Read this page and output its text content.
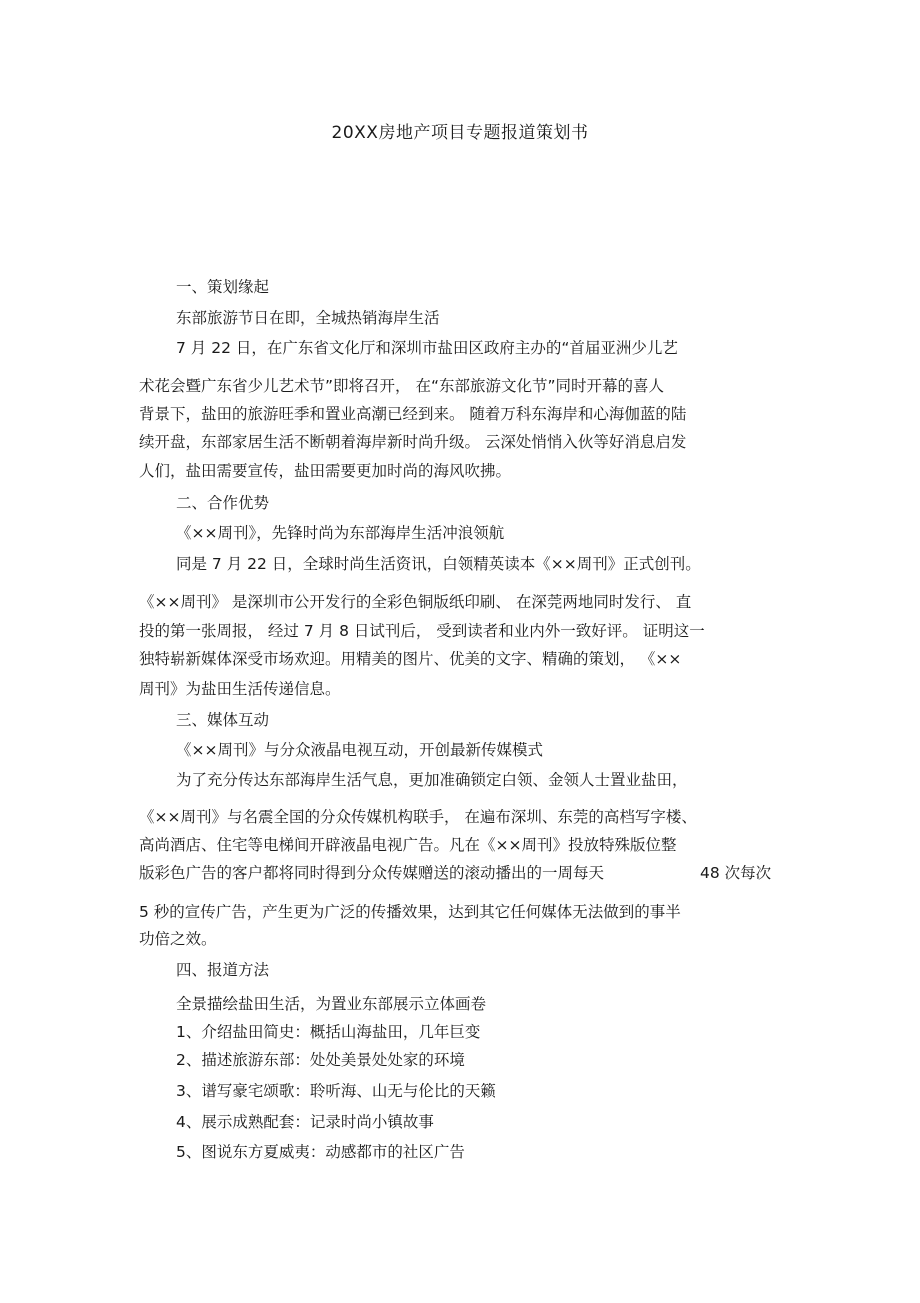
20XX房地产项目专题报道策划书
一、策划缘起
东部旅游节日在即，全城热销海岸生活
7 月 22 日，在广东省文化厅和深圳市盐田区政府主办的“首届亚洲少儿艺
术花会暨广东省少儿艺术节”即将召开， 在“东部旅游文化节”同时开幕的喜人
背景下，盐田的旅游旺季和置业高潮已经到来。 随着万科东海岸和心海伽蓝的陆
续开盘，东部家居生活不断朝着海岸新时尚升级。 云深处悄悄入伙等好消息启发
人们，盐田需要宣传，盐田需要更加时尚的海风吹拂。
二、合作优势
《××周刊》，先锋时尚为东部海岸生活冲浪领航
同是 7 月 22 日，全球时尚生活资讯，白领精英读本《××周刊》正式创刊。
《××周刊》 是深圳市公开发行的全彩色铜版纸印刷、 在深莞两地同时发行、 直
投的第一张周报， 经过 7 月 8 日试刊后， 受到读者和业内外一致好评。 证明这一
独特崭新媒体深受市场欢迎。用精美的图片、优美的文字、精确的策划， 《××
周刊》为盐田生活传递信息。
三、媒体互动
《××周刊》与分众液晶电视互动，开创最新传媒模式
为了充分传达东部海岸生活气息，更加准确锁定白领、金领人士置业盐田，
《××周刊》与名震全国的分众传媒机构联手， 在遍布深圳、东莞的高档写字楼、
高尚酒店、住宅等电梯间开辟液晶电视广告。凡在《××周刊》投放特殊版位整
版彩色广告的客户都将同时得到分众传媒赠送的滚动播出的一周每天	48 次每次
5 秒的宣传广告，产生更为广泛的传播效果，达到其它任何媒体无法做到的事半
功倍之效。
四、报道方法
全景描绘盐田生活，为置业东部展示立体画卷
1、介绍盐田简史：概括山海盐田，几年巨变
2、描述旅游东部：处处美景处处家的环境
3、谱写豪宅颂歌：聆听海、山无与伦比的天籁
4、展示成熟配套：记录时尚小镇故事
5、图说东方夏威夷：动感都市的社区广告
